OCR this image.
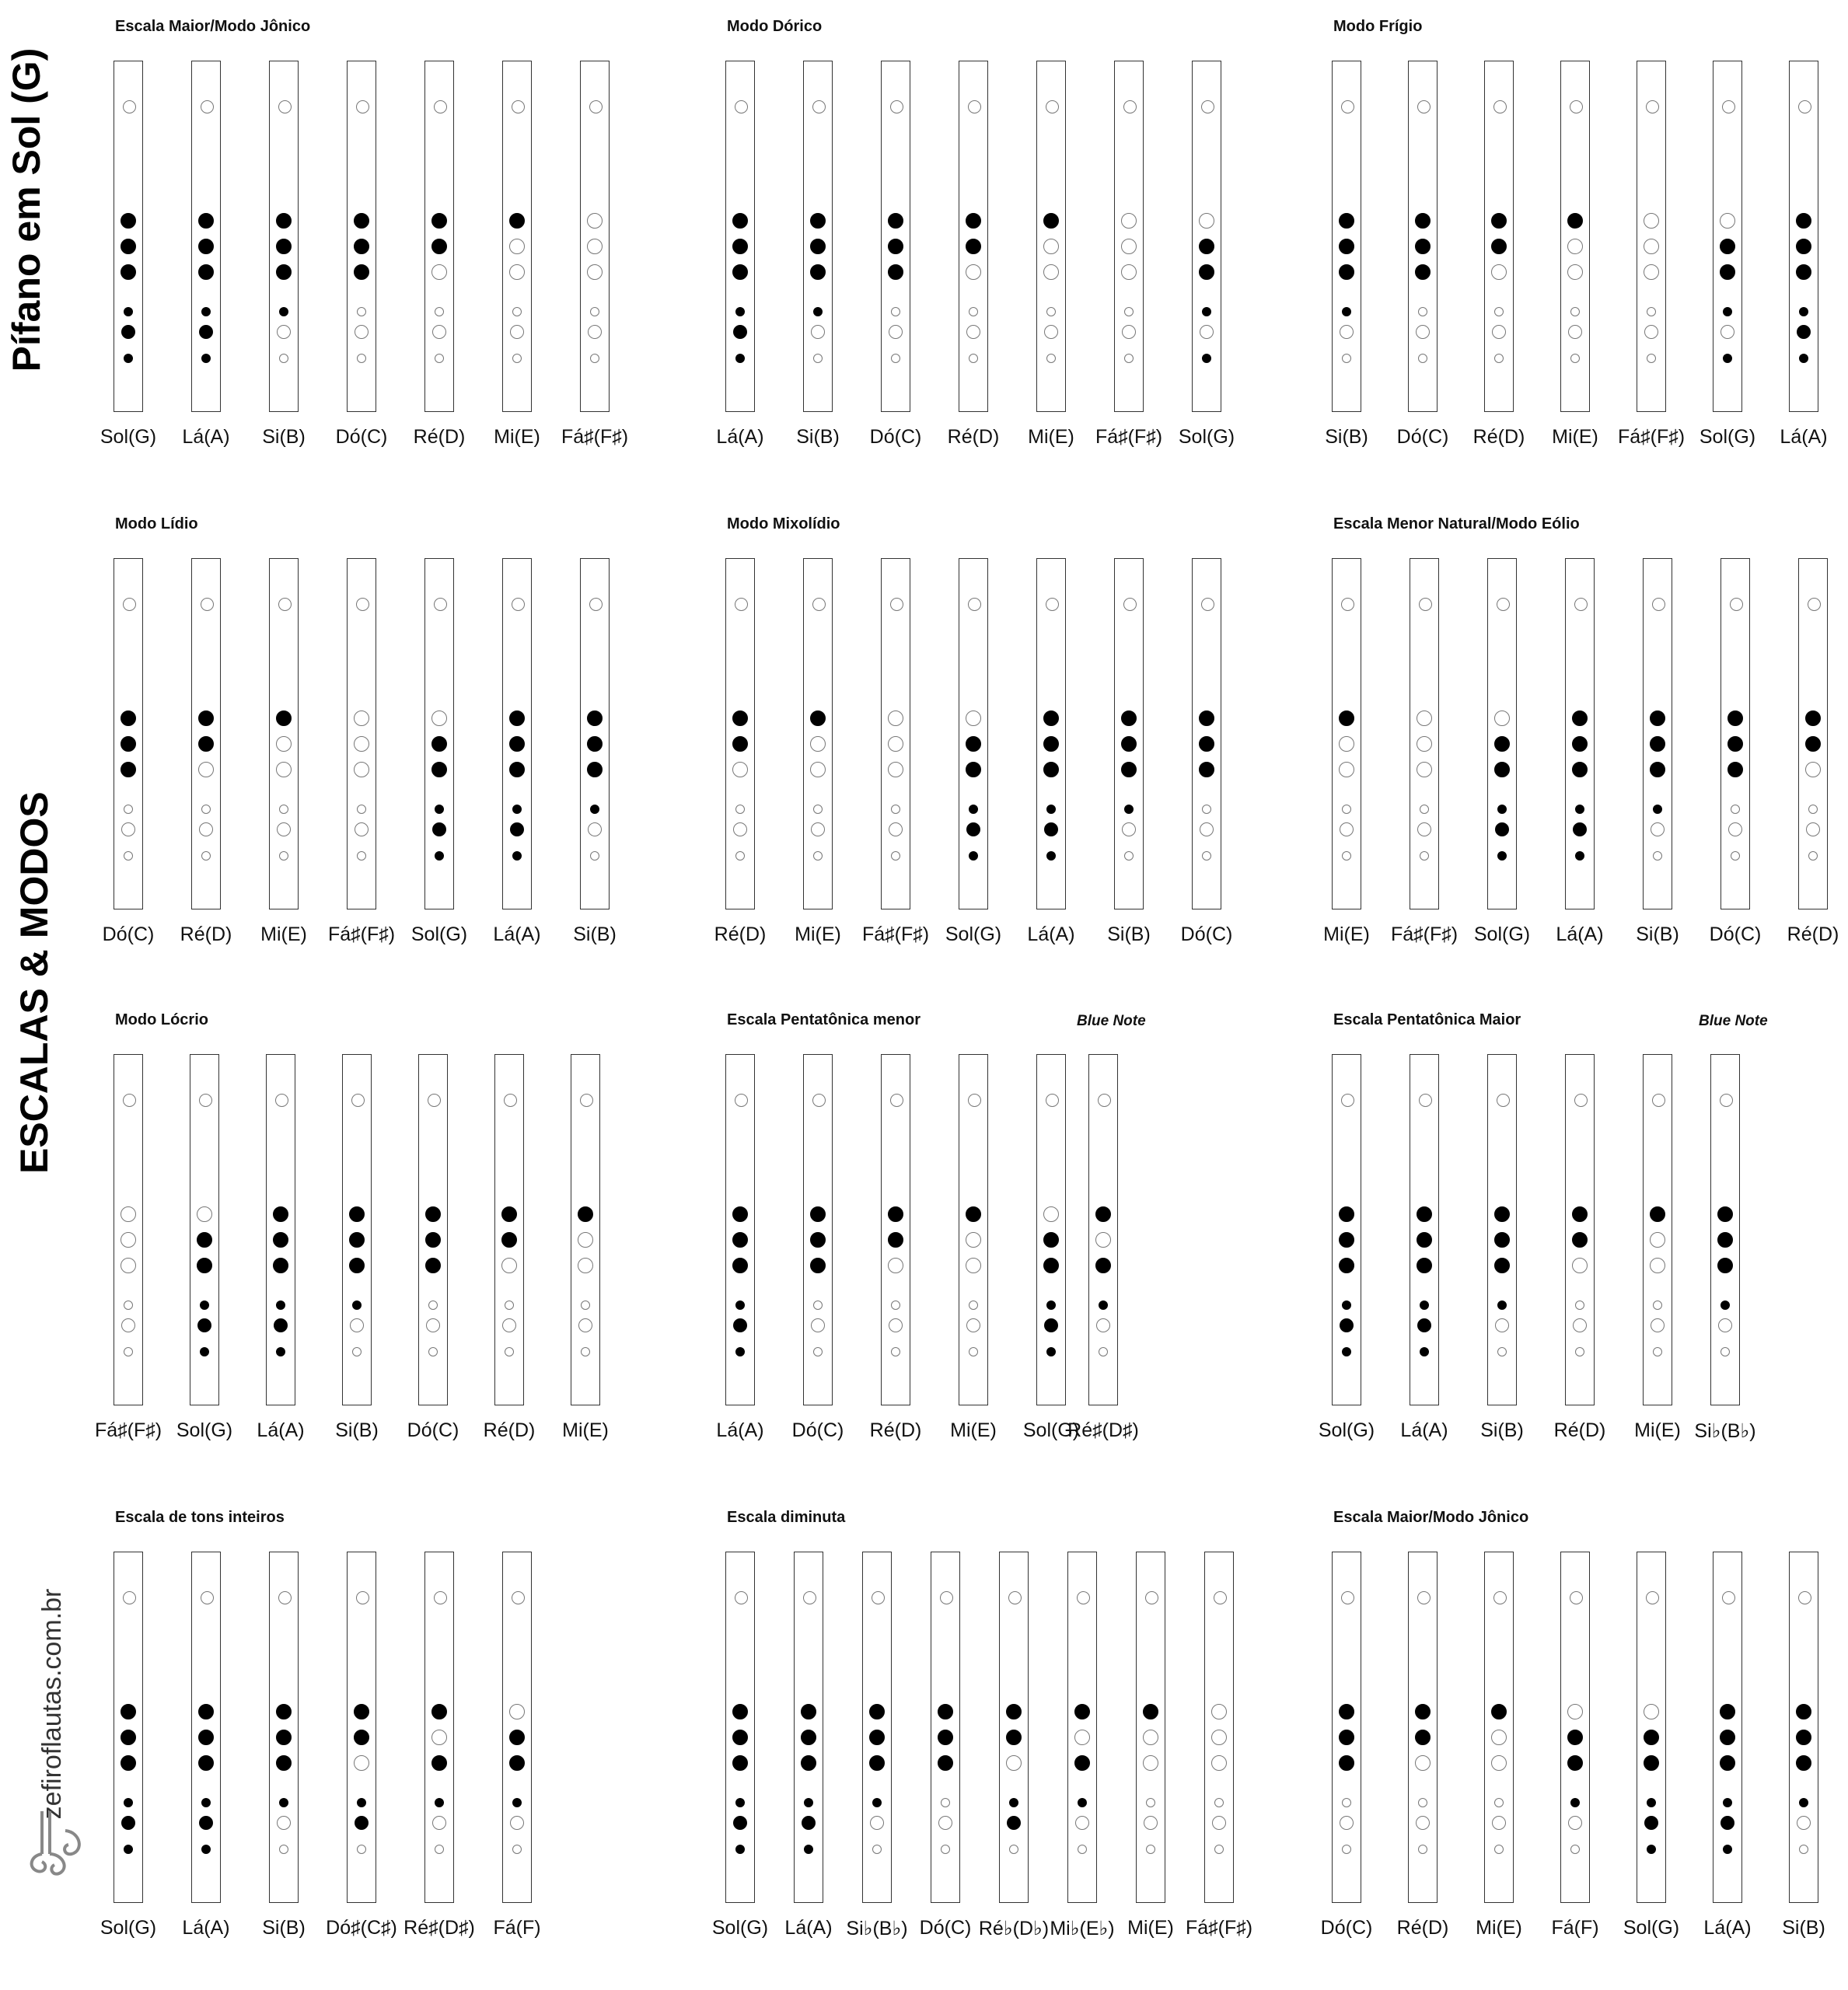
Pífano em Sol (G)
ESCALAS & MODOS
zefiroflautas.com.br
Escala Maior/Modo Jônico
Sol(G)	Lá(A)	Si(B)	Dó(C)	Ré(D)	Mi(E)	Fá♯(F♯)
Modo Dórico
Lá(A)	Si(B)	Dó(C)	Ré(D)	Mi(E)	Fá♯(F♯) Sol(G)
Modo Frígio
Si(B)	Dó(C)	Ré(D)	Mi(E)	Fá♯(F♯) Sol(G)	Lá(A)
Modo Lídio
Dó(C)	Ré(D)	Mi(E)	Fá♯(F♯) Sol(G)	Lá(A)	Si(B)
Modo Mixolídio
Ré(D)	Mi(E)	Fá♯(F♯) Sol(G)	Lá(A)	Si(B)	Dó(C)
Escala Menor Natural/Modo Eólio
Mi(E)	Fá♯(F♯) Sol(G)	Lá(A)	Si(B)	Dó(C)	Ré(D)
Modo Lócrio
Fá♯(F♯) Sol(G)	Lá(A)	Si(B)	Dó(C)	Ré(D)	Mi(E)
Escala Pentatônica menor	Blue Note
Lá(A)	Dó(C)	Ré(D)	Mi(E)	Sol(G)
Ré♯(D♯)
Escala Pentatônica Maior	Blue Note
Sol(G)	Lá(A)	Si(B)	Ré(D)	Mi(E) Si♭(B♭)
Escala de tons inteiros
Sol(G)	Lá(A)	Si(B)	Dó♯(C♯) Ré♯(D♯) Fá(F)
Escala diminuta
Sol(G) Lá(A) Si♭(B♭) Dó(C) Ré♭(D♭) Mi♭(E♭) Mi(E) Fá♯(F♯)
Escala Maior/Modo Jônico
Dó(C)	Ré(D)	Mi(E)	Fá(F)	Sol(G)	Lá(A)	Si(B)
